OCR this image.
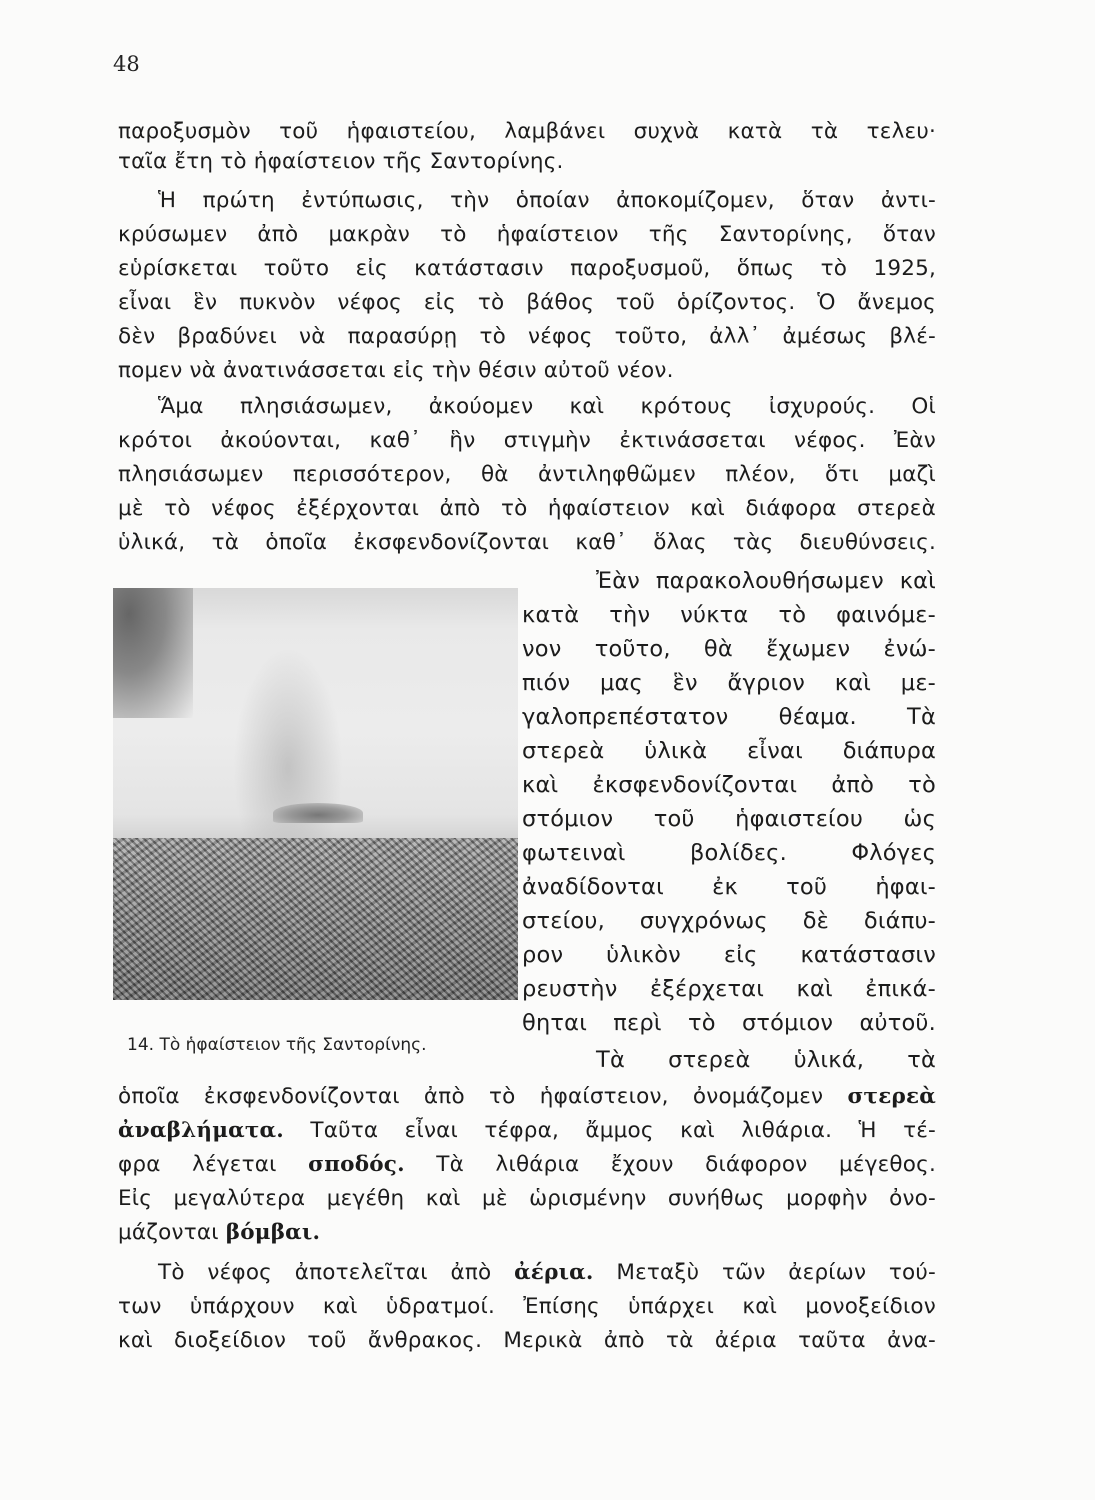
48
παροξυσμὸν τοῦ ἡφαιστείου, λαμβάνει συχνὰ κατὰ τὰ τελευ·
ταῖα ἔτη τὸ ἡφαίστειον τῆς Σαντορίνης.
Ἡ πρώτη ἐντύπωσις, τὴν ὁποίαν ἀποκομίζομεν, ὅταν ἀντι-
κρύσωμεν ἀπὸ μακρὰν τὸ ἡφαίστειον τῆς Σαντορίνης, ὅταν
εὑρίσκεται τοῦτο εἰς κατάστασιν παροξυσμοῦ, ὅπως τὸ 1925,
εἶναι ἓν πυκνὸν νέφος εἰς τὸ βάθος τοῦ ὁρίζοντος. Ὁ ἄνεμος
δὲν βραδύνει νὰ παρασύρῃ τὸ νέφος τοῦτο, ἀλλ᾽ ἀμέσως βλέ-
πομεν νὰ ἀνατινάσσεται εἰς τὴν θέσιν αὐτοῦ νέον.
Ἅμα πλησιάσωμεν, ἀκούομεν καὶ κρότους ἰσχυρούς. Οἱ
κρότοι ἀκούονται, καθ᾽ ἣν στιγμὴν ἐκτινάσσεται νέφος. Ἐὰν
πλησιάσωμεν περισσότερον, θὰ ἀντιληφθῶμεν πλέον, ὅτι μαζὶ
μὲ τὸ νέφος ἐξέρχονται ἀπὸ τὸ ἡφαίστειον καὶ διάφορα στερεὰ
ὑλικά, τὰ ὁποῖα ἐκσφενδονίζονται καθ᾽ ὅλας τὰς διευθύνσεις.
14. Τὸ ἡφαίστειον τῆς Σαντορίνης.
Ἐὰν παρακολουθήσωμεν καὶ
κατὰ τὴν νύκτα τὸ φαινόμε-
νον τοῦτο, θὰ ἔχωμεν ἐνώ-
πιόν μας ἓν ἄγριον καὶ με-
γαλοπρεπέστατον θέαμα. Τὰ
στερεὰ ὑλικὰ εἶναι διάπυρα
καὶ ἐκσφενδονίζονται ἀπὸ τὸ
στόμιον τοῦ ἡφαιστείου ὡς
φωτειναὶ βολίδες. Φλόγες
ἀναδίδονται ἐκ τοῦ ἡφαι-
στείου, συγχρόνως δὲ διάπυ-
ρον ὑλικὸν εἰς κατάστασιν
ρευστὴν ἐξέρχεται καὶ ἐπικά-
θηται περὶ τὸ στόμιον αὐτοῦ.
Τὰ στερεὰ ὑλικά, τὰ
ὁποῖα ἐκσφενδονίζονται ἀπὸ τὸ ἡφαίστειον, ὀνομάζομεν στερεὰ
ἀναβλήματα. Ταῦτα εἶναι τέφρα, ἄμμος καὶ λιθάρια. Ἡ τέ-
φρα λέγεται σποδός. Τὰ λιθάρια ἔχουν διάφορον μέγεθος.
Εἰς μεγαλύτερα μεγέθη καὶ μὲ ὡρισμένην συνήθως μορφὴν ὀνο-
μάζονται βόμβαι.
Τὸ νέφος ἀποτελεῖται ἀπὸ ἀέρια. Μεταξὺ τῶν ἀερίων τού-
των ὑπάρχουν καὶ ὑδρατμοί. Ἐπίσης ὑπάρχει καὶ μονοξείδιον
καὶ διοξείδιον τοῦ ἄνθρακος. Μερικὰ ἀπὸ τὰ ἀέρια ταῦτα ἀνα-
